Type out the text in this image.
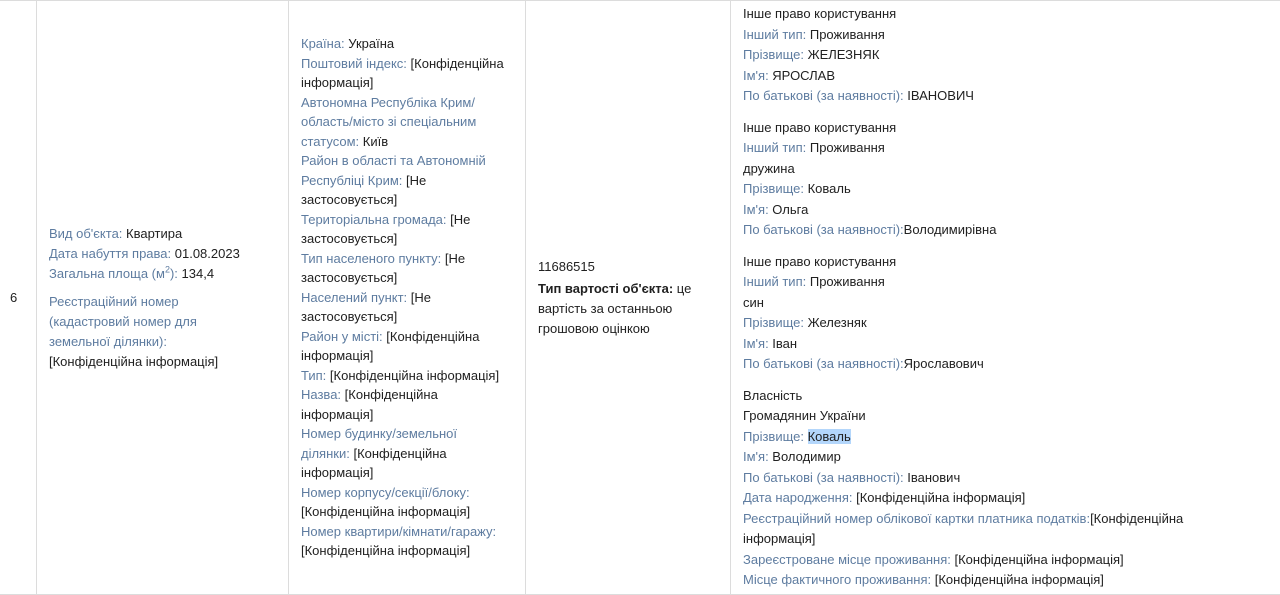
6
Вид об'єкта: Квартира
Дата набуття права: 01.08.2023
Загальна площа $(м^2)$: 134,4
Реєстраційний номер (кадастровий номер для земельної ділянки): [Конфіденційна інформація]
Країна: Україна
Поштовий індекс: [Конфіденційна інформація]
Автономна Республіка Крим/область/місто зі спеціальним статусом: Київ
Район в області та Автономній Республіці Крим: [Не застосовується]
Територіальна громада: [Не застосовується]
Тип населеного пункту: [Не застосовується]
Населений пункт: [Не застосовується]
Район у місті: [Конфіденційна інформація]
Тип: [Конфіденційна інформація]
Назва: [Конфіденційна інформація]
Номер будинку/земельної ділянки: [Конфіденційна інформація]
Номер корпусу/секції/блоку: [Конфіденційна інформація]
Номер квартири/кімнати/гаражу: [Конфіденційна інформація]
11686515
Тип вартості об'єкта: це вартість за останньою грошовою оцінкою
Інше право користування
Інший тип: Проживання
Прізвище: ЖЕЛЕЗНЯК
Ім'я: ЯРОСЛАВ
По батькові (за наявності): ІВАНОВИЧ
Інше право користування
Інший тип: Проживання
дружина
Прізвище: Коваль
Ім'я: Ольга
По батькові (за наявності):Володимирівна
Інше право користування
Інший тип: Проживання
син
Прізвище: Железняк
Ім'я: Іван
По батькові (за наявності):Ярославович
Власність
Громадянин України
Прізвище: Коваль
Ім'я: Володимир
По батькові (за наявності): Іванович
Дата народження: [Конфіденційна інформація]
Реєстраційний номер облікової картки платника податків:[Конфіденційна інформація]
Зареєстроване місце проживання: [Конфіденційна інформація]
Місце фактичного проживання: [Конфіденційна інформація]
